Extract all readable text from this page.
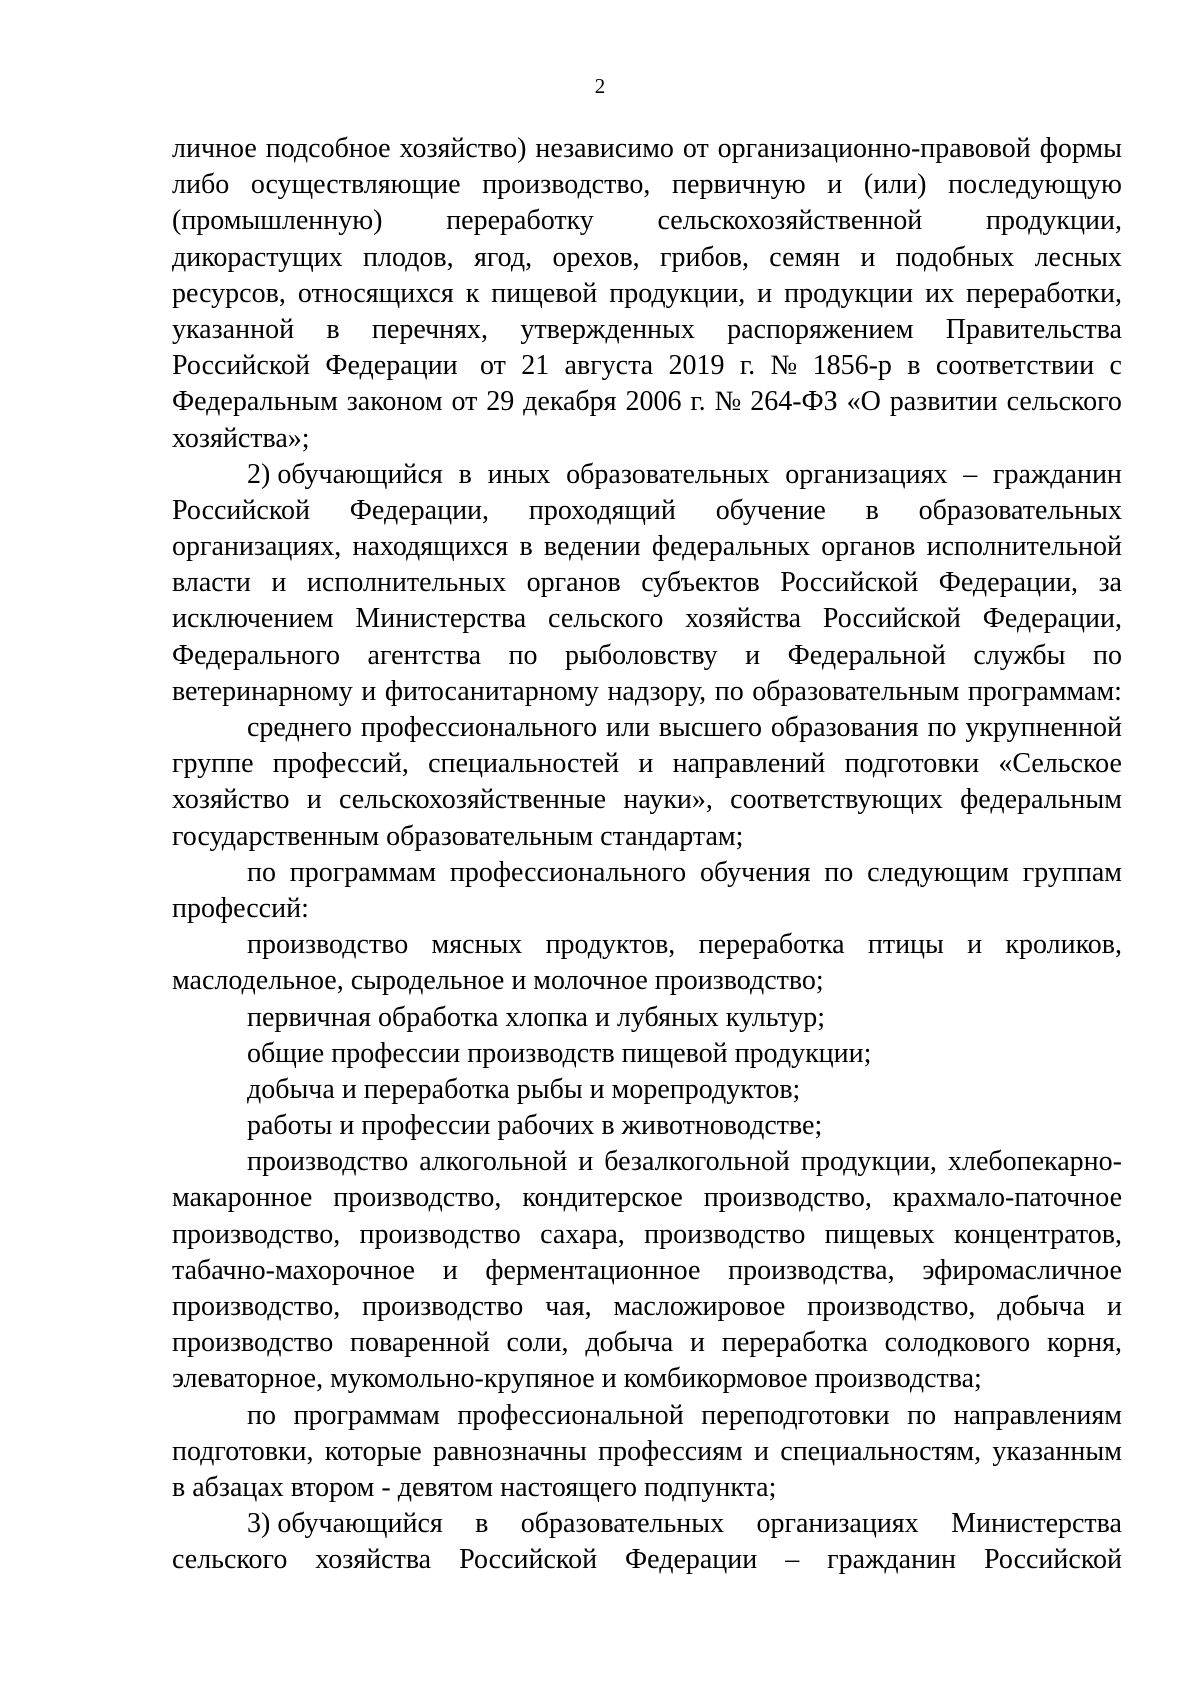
2
личное подсобное хозяйство) независимо от организационно-правовой формы
либо осуществляющие производство, первичную и (или) последующую
(промышленную) переработку сельскохозяйственной продукции,
дикорастущих плодов, ягод, орехов, грибов, семян и подобных лесных
ресурсов, относящихся к пищевой продукции, и продукции их переработки,
указанной в перечнях, утвержденных распоряжением Правительства
Российской Федерации от 21 августа 2019 г. № 1856-р в соответствии с
Федеральным законом от 29 декабря 2006 г. № 264-ФЗ «О развитии сельского
хозяйства»;
2) обучающийся в иных образовательных организациях – гражданин
Российской Федерации, проходящий обучение в образовательных
организациях, находящихся в ведении федеральных органов исполнительной
власти и исполнительных органов субъектов Российской Федерации, за
исключением Министерства сельского хозяйства Российской Федерации,
Федерального агентства по рыболовству и Федеральной службы по
ветеринарному и фитосанитарному надзору, по образовательным программам:
среднего профессионального или высшего образования по укрупненной
группе профессий, специальностей и направлений подготовки «Сельское
хозяйство и сельскохозяйственные науки», соответствующих федеральным
государственным образовательным стандартам;
по программам профессионального обучения по следующим группам
профессий:
производство мясных продуктов, переработка птицы и кроликов,
маслодельное, сыродельное и молочное производство;
первичная обработка хлопка и лубяных культур;
общие профессии производств пищевой продукции;
добыча и переработка рыбы и морепродуктов;
работы и профессии рабочих в животноводстве;
производство алкогольной и безалкогольной продукции, хлебопекарно-
макаронное производство, кондитерское производство, крахмало-паточное
производство, производство сахара, производство пищевых концентратов,
табачно-махорочное и ферментационное производства, эфиромасличное
производство, производство чая, масложировое производство, добыча и
производство поваренной соли, добыча и переработка солодкового корня,
элеваторное, мукомольно-крупяное и комбикормовое производства;
по программам профессиональной переподготовки по направлениям
подготовки, которые равнозначны профессиям и специальностям, указанным
в абзацах втором - девятом настоящего подпункта;
3) обучающийся в образовательных организациях Министерства
сельского хозяйства Российской Федерации – гражданин Российской
